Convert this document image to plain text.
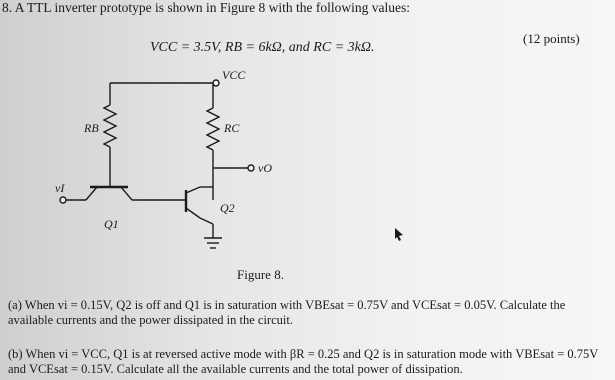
8. A TTL inverter prototype is shown in Figure 8 with the following values:
VCC = 3.5V, RB = 6kΩ, and RC = 3kΩ.
(12 points)
VCC
RB	RC
vO
vI
Q1
Q2
Figure 8.
(a) When vi = 0.15V, Q2 is off and Q1 is in saturation with VBEsat = 0.75V and VCEsat = 0.05V. Calculate the available currents and the power dissipated in the circuit.
(b) When vi = VCC, Q1 is at reversed active mode with βR = 0.25 and Q2 is in saturation mode with VBEsat = 0.75V and VCEsat = 0.15V. Calculate all the available currents and the total power of dissipation.
